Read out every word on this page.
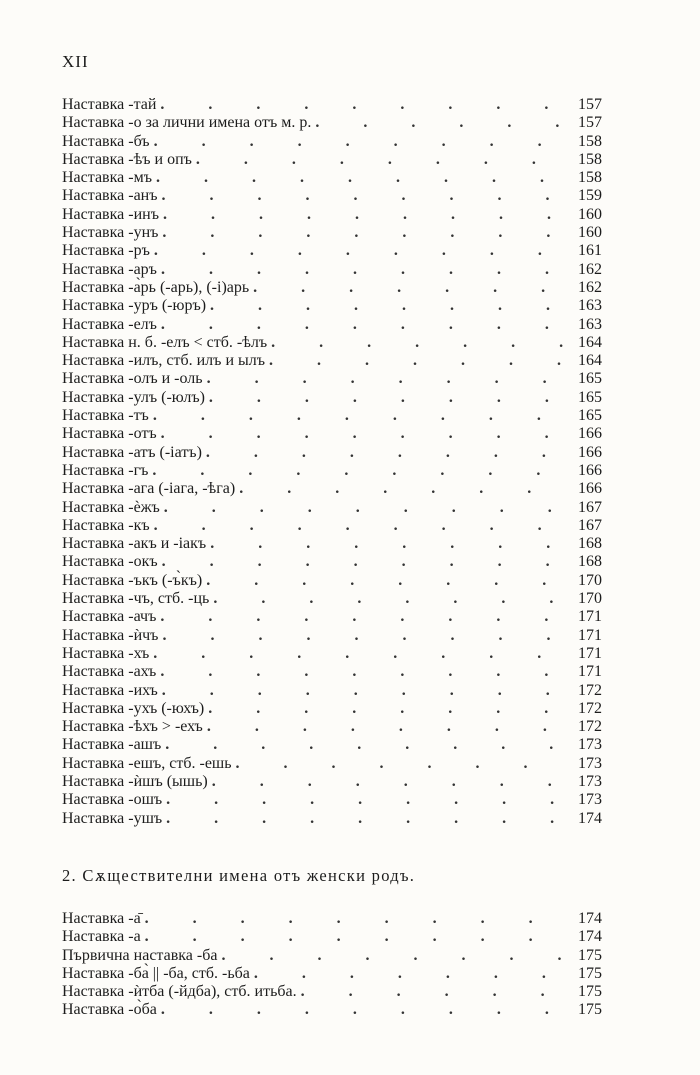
XII
Наставка -тай . . .	157
Наставка -о за лични имена отъ м. р. . . .	157
Наставка -бъ . . .	158
Наставка -ѣъ и опъ . . .	158
Наставка -мъ . . .	158
Наставка -анъ . . .	159
Наставка -инъ . . .	160
Наставка -унъ . . .	160
Наставка -ръ . . .	161
Наставка -аръ . . .	162
Наставка -а̀рь (-арь), (-і)арь . . .	162
Наставка -уръ (-юръ) . . .	163
Наставка -елъ . . .	163
Наставка н. б. -елъ < стб. -ѣлъ . . .	164
Наставка -илъ, стб. илъ и ылъ . . .	164
Наставка -олъ и -оль . . .	165
Наставка -улъ (-юлъ) . . .	165
Наставка -тъ . . .	165
Наставка -отъ . . .	166
Наставка -атъ (-іатъ) . . .	166
Наставка -гъ . . .	166
Наставка -ага (-іага, -ѣга) . . .	166
Наставка -ѐжъ . . .	167
Наставка -къ . . .	167
Наставка -акъ и -іакъ . . .	168
Наставка -окъ . . .	168
Наставка -ъкъ (-ъ̀къ) . . .	170
Наставка -чъ, стб. -ць . . .	170
Наставка -ачъ . . .	171
Наставка -ѝчъ . . .	171
Наставка -хъ . . .	171
Наставка -ахъ . . .	171
Наставка -ихъ . . .	172
Наставка -ухъ (-юхъ) . . .	172
Наставка -ѣхъ > -ехъ . . .	172
Наставка -ашъ . . .	173
Наставка -ешъ, стб. -ешь . . .	173
Наставка -ѝшъ (ышь) . . .	173
Наставка -ошъ . . .	173
Наставка -ушъ . . .	174
2. Сѫществителни имена отъ женски родъ.
Наставка -а̄ . . .	174
Наставка -а . . .	174
Първична наставка -ба . . .	175
Наставка -ба̀ || -ба, стб. -ьба . . .	175
Наставка -ѝтба (-йдба), стб. итьба. . . .	175
Наставка -о̀ба . . .	175
